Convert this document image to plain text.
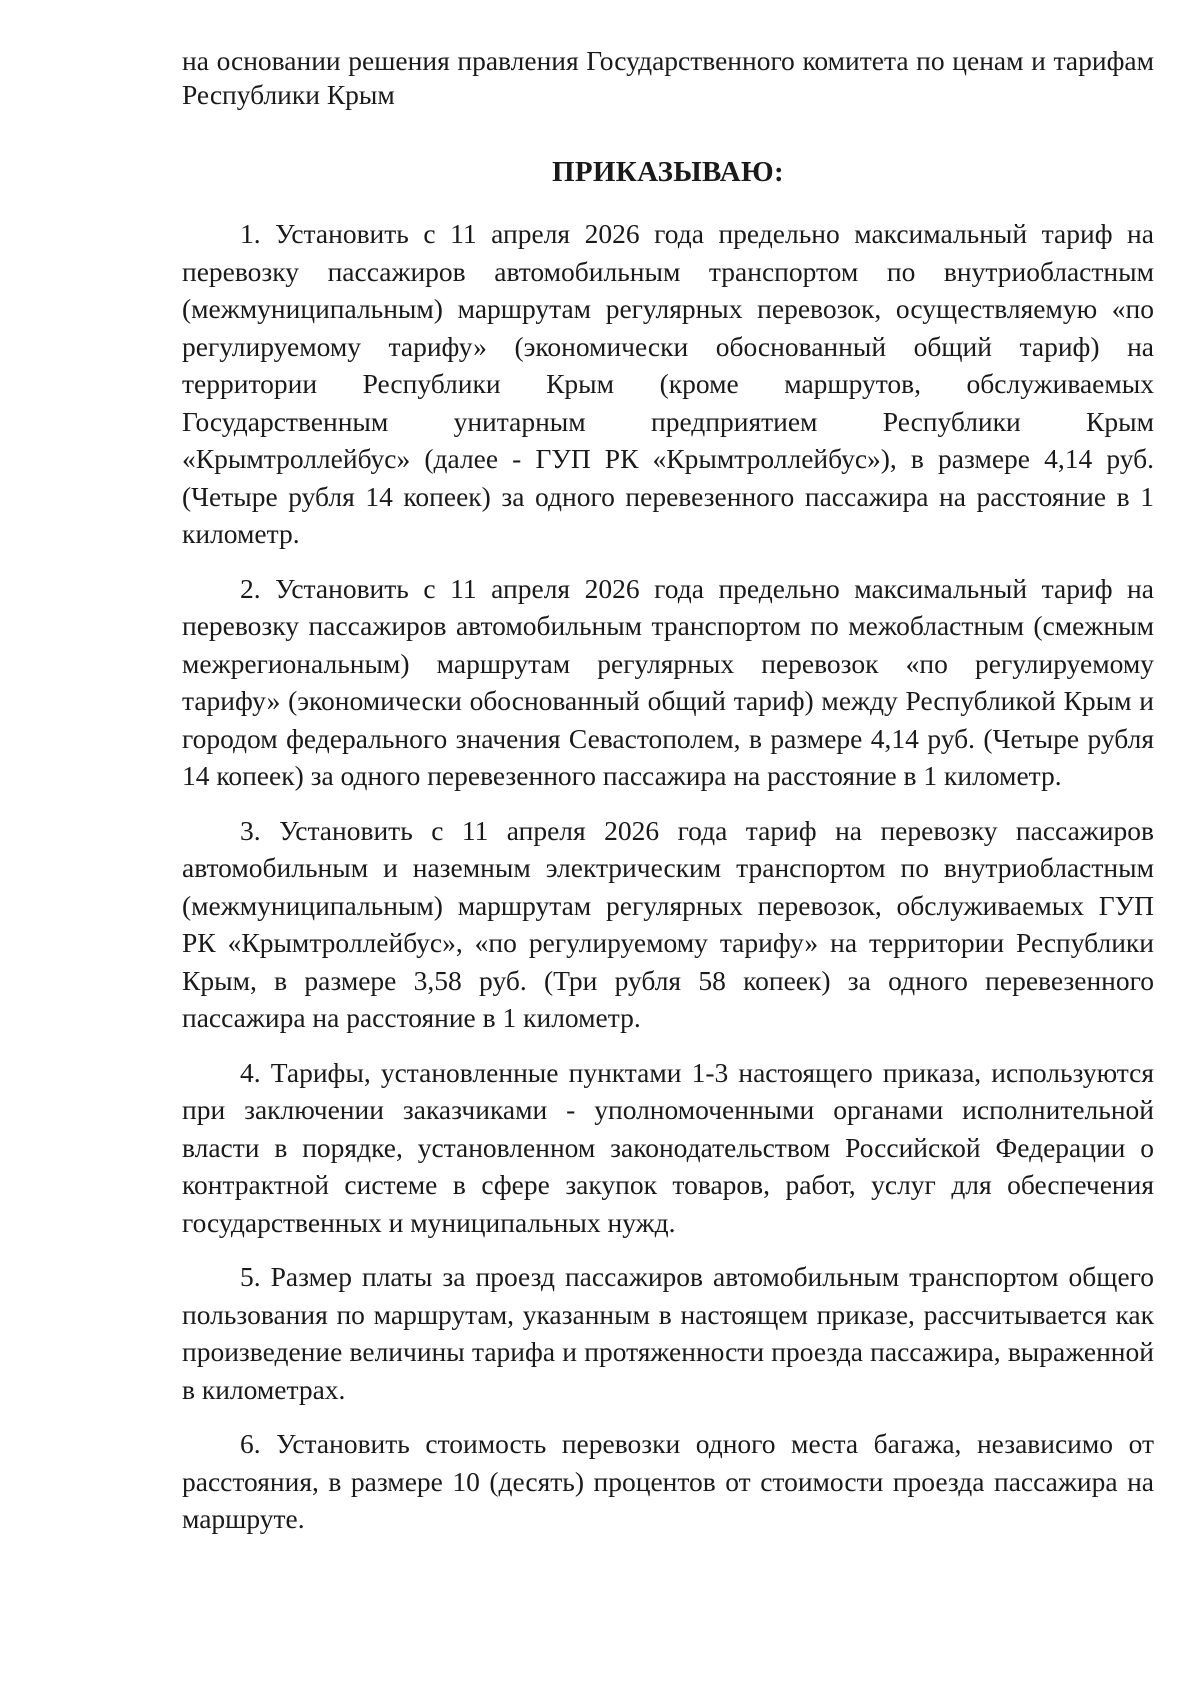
на основании решения правления Государственного комитета по ценам и тарифам Республики Крым

ПРИКАЗЫВАЮ:

1. Установить с 11 апреля 2026 года предельно максимальный тариф на перевозку пассажиров автомобильным транспортом по внутриобластным (межмуниципальным) маршрутам регулярных перевозок, осуществляемую «по регулируемому тарифу» (экономически обоснованный общий тариф) на территории Республики Крым (кроме маршрутов, обслуживаемых Государственным унитарным предприятием Республики Крым «Крымтроллейбус» (далее - ГУП РК «Крымтроллейбус»), в размере 4,14 руб. (Четыре рубля 14 копеек) за одного перевезенного пассажира на расстояние в 1 километр.

2. Установить с 11 апреля 2026 года предельно максимальный тариф на перевозку пассажиров автомобильным транспортом по межобластным (смежным межрегиональным) маршрутам регулярных перевозок «по регулируемому тарифу» (экономически обоснованный общий тариф) между Республикой Крым и городом федерального значения Севастополем, в размере 4,14 руб. (Четыре рубля 14 копеек) за одного перевезенного пассажира на расстояние в 1 километр.

3. Установить с 11 апреля 2026 года тариф на перевозку пассажиров автомобильным и наземным электрическим транспортом по внутриобластным (межмуниципальным) маршрутам регулярных перевозок, обслуживаемых ГУП РК «Крымтроллейбус», «по регулируемому тарифу» на территории Республики Крым, в размере 3,58 руб. (Три рубля 58 копеек) за одного перевезенного пассажира на расстояние в 1 километр.

4. Тарифы, установленные пунктами 1-3 настоящего приказа, используются при заключении заказчиками - уполномоченными органами исполнительной власти в порядке, установленном законодательством Российской Федерации о контрактной системе в сфере закупок товаров, работ, услуг для обеспечения государственных и муниципальных нужд.

5. Размер платы за проезд пассажиров автомобильным транспортом общего пользования по маршрутам, указанным в настоящем приказе, рассчитывается как произведение величины тарифа и протяженности проезда пассажира, выраженной в километрах.

6. Установить стоимость перевозки одного места багажа, независимо от расстояния, в размере 10 (десять) процентов от стоимости проезда пассажира на маршруте.
